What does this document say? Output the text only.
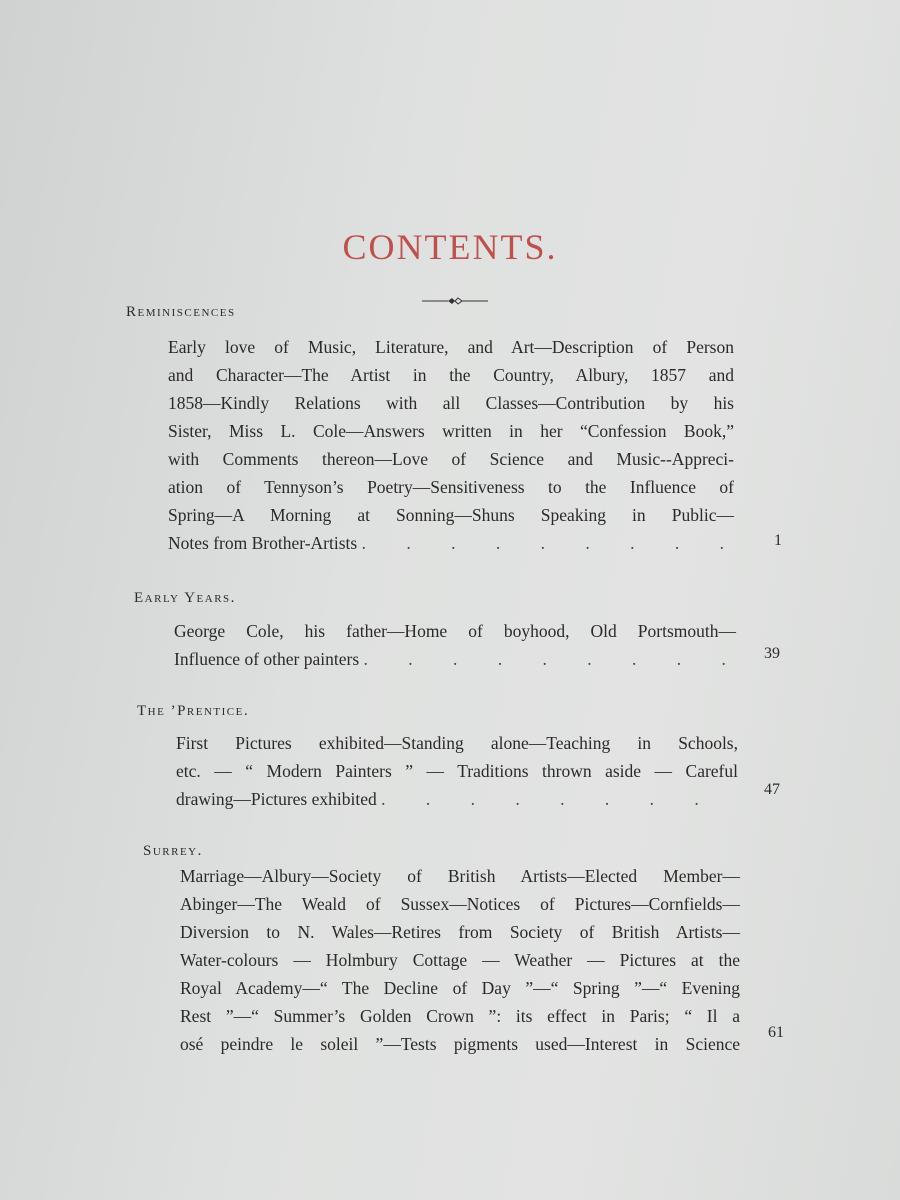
CONTENTS.
Reminiscences
Early love of Music, Literature, and Art—Description of Person
and Character—The Artist in the Country, Albury, 1857 and
1858—Kindly Relations with all Classes—Contribution by his
Sister, Miss L. Cole—Answers written in her “Confession Book,”
with Comments thereon—Love of Science and Music--Appreci-
ation of Tennyson’s Poetry—Sensitiveness to the Influence of
Spring—A Morning at Sonning—Shuns Speaking in Public—
Notes from Brother-Artists . . . . . . . . . 1
Early Years.
George Cole, his father—Home of boyhood, Old Portsmouth—
Influence of other painters . . . . . . . . . 39
The ’Prentice.
First Pictures exhibited—Standing alone—Teaching in Schools,
etc. — “ Modern Painters ” — Traditions thrown aside — Careful
drawing—Pictures exhibited . . . . . . . .	47
Surrey.
Marriage—Albury—Society of British Artists—Elected Member—
Abinger—The Weald of Sussex—Notices of Pictures—Cornfields—
Diversion to N. Wales—Retires from Society of British Artists—
Water-colours — Holmbury Cottage — Weather — Pictures at the
Royal Academy—“ The Decline of Day ”—“ Spring ”—“ Evening
Rest ”—“ Summer’s Golden Crown ”: its effect in Paris; “ Il a
osé peindre le soleil ”—Tests pigments used—Interest in Science
61
